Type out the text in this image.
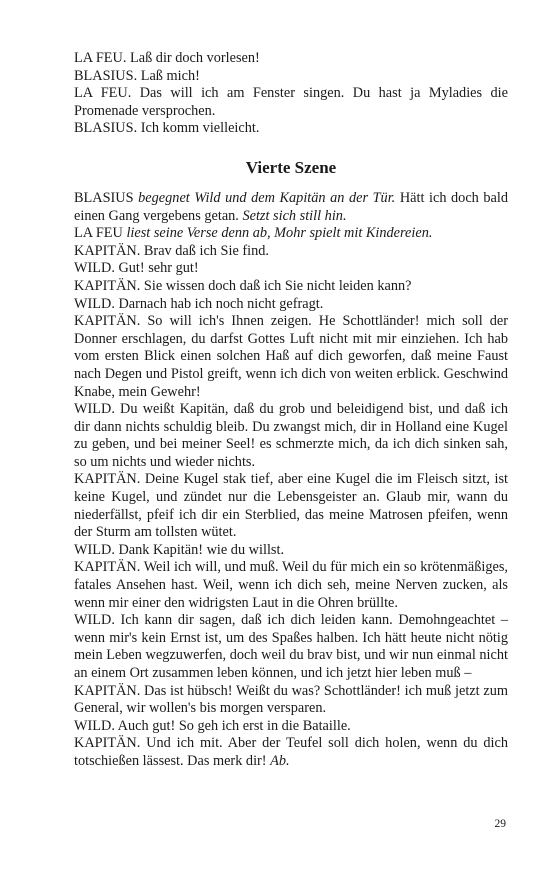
LA FEU. Laß dir doch vorlesen!

BLASIUS. Laß mich!

LA FEU. Das will ich am Fenster singen. Du hast ja Myladies die Promenade versprochen.

BLASIUS. Ich komm vielleicht.

Vierte Szene

BLASIUS begegnet Wild und dem Kapitän an der Tür. Hätt ich doch bald einen Gang vergebens getan. Setzt sich still hin.

LA FEU liest seine Verse denn ab, Mohr spielt mit Kindereien.

KAPITÄN. Brav daß ich Sie find.

WILD. Gut! sehr gut!

KAPITÄN. Sie wissen doch daß ich Sie nicht leiden kann?

WILD. Darnach hab ich noch nicht gefragt.

KAPITÄN. So will ich's Ihnen zeigen. He Schottländer! mich soll der Donner erschlagen, du darfst Gottes Luft nicht mit mir einziehen. Ich hab vom ersten Blick einen solchen Haß auf dich geworfen, daß meine Faust nach Degen und Pistol greift, wenn ich dich von weiten erblick. Geschwind Knabe, mein Gewehr!

WILD. Du weißt Kapitän, daß du grob und beleidigend bist, und daß ich dir dann nichts schuldig bleib. Du zwangst mich, dir in Holland eine Kugel zu geben, und bei meiner Seel! es schmerzte mich, da ich dich sinken sah, so um nichts und wieder nichts.

KAPITÄN. Deine Kugel stak tief, aber eine Kugel die im Fleisch sitzt, ist keine Kugel, und zündet nur die Lebensgeister an. Glaub mir, wann du niederfällst, pfeif ich dir ein Sterblied, das meine Matrosen pfeifen, wenn der Sturm am tollsten wütet.

WILD. Dank Kapitän! wie du willst.

KAPITÄN. Weil ich will, und muß. Weil du für mich ein so krötenmäßiges, fatales Ansehen hast. Weil, wenn ich dich seh, meine Nerven zucken, als wenn mir einer den widrigsten Laut in die Ohren brüllte.

WILD. Ich kann dir sagen, daß ich dich leiden kann. Demohngeachtet – wenn mir's kein Ernst ist, um des Spaßes halben. Ich hätt heute nicht nötig mein Leben wegzuwerfen, doch weil du brav bist, und wir nun einmal nicht an einem Ort zusammen leben können, und ich jetzt hier leben muß –

KAPITÄN. Das ist hübsch! Weißt du was? Schottländer! ich muß jetzt zum General, wir wollen's bis morgen versparen.

WILD. Auch gut! So geh ich erst in die Bataille.

KAPITÄN. Und ich mit. Aber der Teufel soll dich holen, wenn du dich totschießen lässest. Das merk dir! Ab.

29
